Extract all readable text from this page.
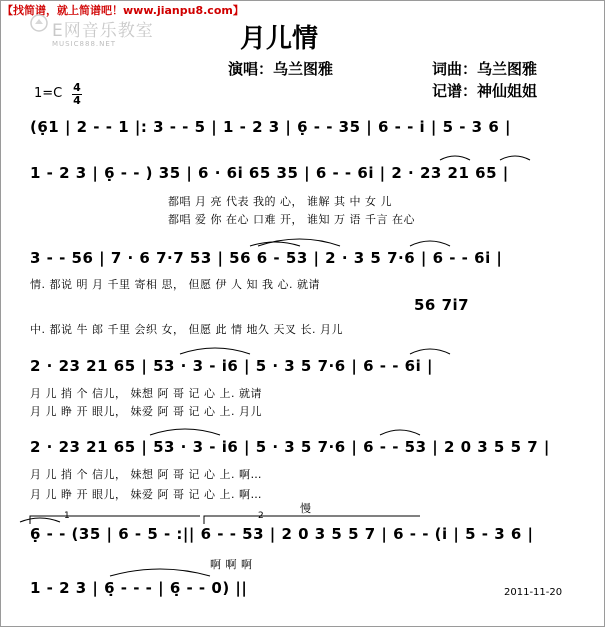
【找简谱，就上简谱吧！www.jianpu8.com】
E网音乐教室
MUSIC888.NET	月儿情
演唱：乌兰图雅	词曲：乌兰图雅
记谱：神仙姐姐
1=C 4
4
(6̣1 | 2 - - 1 |: 3 - - 5 | 1 - 2 3 | 6̣ - - 35 | 6 - - i | 5 - 3 6 |
1 - 2 3 | 6̣ - - ) 35 | 6 · 6i 65 35 | 6 - - 6i | 2 · 23 21 65 |
3 - - 56 | 7 · 6 7·7 53 | 56 6 - 53 | 2 · 3 5 7·6 | 6 - - 6i |
2 · 23 21 65 | 53 · 3 - i6 | 5 · 3 5 7·6 | 6 - - 6i |
2 · 23 21 65 | 53 · 3 - i6 | 5 · 3 5 7·6 | 6 - - 53 | 2 0 3 5 5 7 |
6̣ - - (35 | 6 - 5 - :|| 6 - - 53 | 2 0 3 5 5 7 | 6 - - (i | 5 - 3 6 |
1 - 2 3 | 6̣ - - - | 6̣ - - 0) ||
都唱 月 亮 代表 我的 心， 谁解 其 中 女 儿
都唱 爱 你 在心 口难 开， 谁知 万 语 千言 在心
情. 都说 明 月 千里 寄相 思， 但愿 伊 人 知 我 心. 就请
56 7i7
中. 都说 牛 郎 千里 会织 女， 但愿 此 情 地久 天叉 长. 月儿
月 儿 捎 个 信儿， 妹想 阿 哥 记 心 上. 就请
月 儿 睁 开 眼儿， 妹爱 阿 哥 记 心 上. 月儿
月 儿 捎 个 信儿， 妹想 阿 哥 记 心 上. 啊…
月 儿 睁 开 眼儿， 妹爱 阿 哥 记 心 上. 啊…
慢
啊 啊 啊
1	2
2011-11-20
